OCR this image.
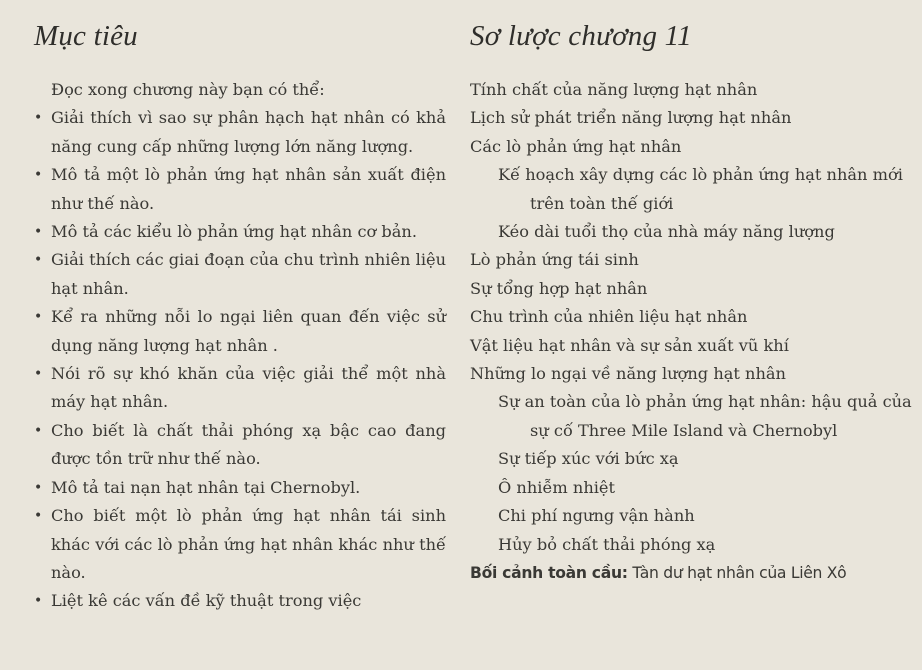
Mục tiêu
Đọc xong chương này bạn có thể:
• Giải thích vì sao sự phân hạch hạt nhân có khả năng cung cấp những lượng lớn năng lượng.
• Mô tả một lò phản ứng hạt nhân sản xuất điện như thế nào.
• Mô tả các kiểu lò phản ứng hạt nhân cơ bản.
• Giải thích các giai đoạn của chu trình nhiên liệu hạt nhân.
• Kể ra những nỗi lo ngại liên quan đến việc sử dụng năng lượng hạt nhân .
• Nói rõ sự khó khăn của việc giải thể một nhà máy hạt nhân.
• Cho biết là chất thải phóng xạ bậc cao đang được tồn trữ như thế nào.
• Mô tả tai nạn hạt nhân tại Chernobyl.
• Cho biết một lò phản ứng hạt nhân tái sinh khác với các lò phản ứng hạt nhân khác như thế nào.
• Liệt kê các vấn đề kỹ thuật trong việc
Sơ lược chương 11
Tính chất của năng lượng hạt nhân
Lịch sử phát triển năng lượng hạt nhân
Các lò phản ứng hạt nhân
Kế hoạch xây dựng các lò phản ứng hạt nhân mới trên toàn thế giới
Kéo dài tuổi thọ của nhà máy năng lượng
Lò phản ứng tái sinh
Sự tổng hợp hạt nhân
Chu trình của nhiên liệu hạt nhân
Vật liệu hạt nhân và sự sản xuất vũ khí
Những lo ngại về năng lượng hạt nhân
Sự an toàn của lò phản ứng hạt nhân: hậu quả của sự cố Three Mile Island và Chernobyl
Sự tiếp xúc với bức xạ
Ô nhiễm nhiệt
Chi phí ngưng vận hành
Hủy bỏ chất thải phóng xạ
Bối cảnh toàn cầu: Tàn dư hạt nhân của Liên Xô
